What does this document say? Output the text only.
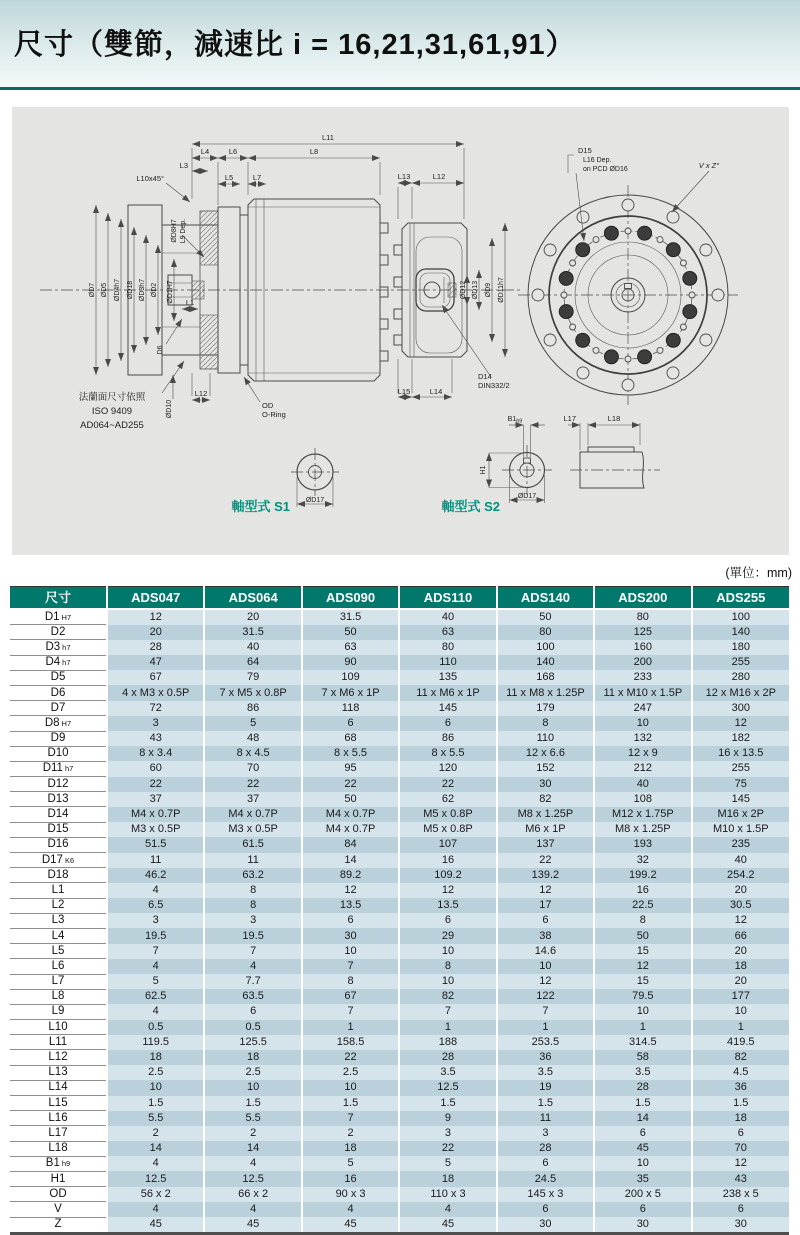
尺寸（雙節，減速比 i = 16,21,31,61,91）
L11
L4	L6	L8
L3
L10x45°	L5	L7
L1
ØD7 ØD5 ØD4h7 ØD18 ØD3h7 ØD2 ØD1H7
ØD8H7 L9 Dep.
D6
ØD10
L12
OD
O-Ring
法蘭面尺寸依照
ISO 9409
AD064~AD255
L13	L12
L15	L14
ØD12 ØD13 ØD9 ØD11h7
D14
DIN332/2
D15
L16 Dep.
on PCD ØD16	V x Z°
ØD17
軸型式 S1
$B1_{h9}$
H1
ØD17
軸型式 S2
L17	L18
(單位：mm)
尺寸	ADS047	ADS064	ADS090	ADS110	ADS140	ADS200	ADS255
D1 H7	12	20	31.5	40	50	80	100
D2	20	31.5	50	63	80	125	140
D3 h7	28	40	63	80	100	160	180
D4 h7	47	64	90	110	140	200	255
D5	67	79	109	135	168	233	280
D6	4 x M3 x 0.5P	7 x M5 x 0.8P	7 x M6 x 1P	11 x M6 x 1P	11 x M8 x 1.25P	11 x M10 x 1.5P	12 x M16 x 2P
D7	72	86	118	145	179	247	300
D8 H7	3	5	6	6	8	10	12
D9	43	48	68	86	110	132	182
D10	8 x 3.4	8 x 4.5	8 x 5.5	8 x 5.5	12 x 6.6	12 x 9	16 x 13.5
D11 h7	60	70	95	120	152	212	255
D12	22	22	22	22	30	40	75
D13	37	37	50	62	82	108	145
D14	M4 x 0.7P	M4 x 0.7P	M4 x 0.7P	M5 x 0.8P	M8 x 1.25P	M12 x 1.75P	M16 x 2P
D15	M3 x 0.5P	M3 x 0.5P	M4 x 0.7P	M5 x 0.8P	M6 x 1P	M8 x 1.25P	M10 x 1.5P
D16	51.5	61.5	84	107	137	193	235
D17 K6	11	11	14	16	22	32	40
D18	46.2	63.2	89.2	109.2	139.2	199.2	254.2
L1	4	8	12	12	12	16	20
L2	6.5	8	13.5	13.5	17	22.5	30.5
L3	3	3	6	6	6	8	12
L4	19.5	19.5	30	29	38	50	66
L5	7	7	10	10	14.6	15	20
L6	4	4	7	8	10	12	18
L7	5	7.7	8	10	12	15	20
L8	62.5	63.5	67	82	122	79.5	177
L9	4	6	7	7	7	10	10
L10	0.5	0.5	1	1	1	1	1
L11	119.5	125.5	158.5	188	253.5	314.5	419.5
L12	18	18	22	28	36	58	82
L13	2.5	2.5	2.5	3.5	3.5	3.5	4.5
L14	10	10	10	12.5	19	28	36
L15	1.5	1.5	1.5	1.5	1.5	1.5	1.5
L16	5.5	5.5	7	9	11	14	18
L17	2	2	2	3	3	6	6
L18	14	14	18	22	28	45	70
B1 h9	4	4	5	5	6	10	12
H1	12.5	12.5	16	18	24.5	35	43
OD	56 x 2	66 x 2	90 x 3	110 x 3	145 x 3	200 x 5	238 x 5
V	4	4	4	4	6	6	6
Z	45	45	45	45	30	30	30
